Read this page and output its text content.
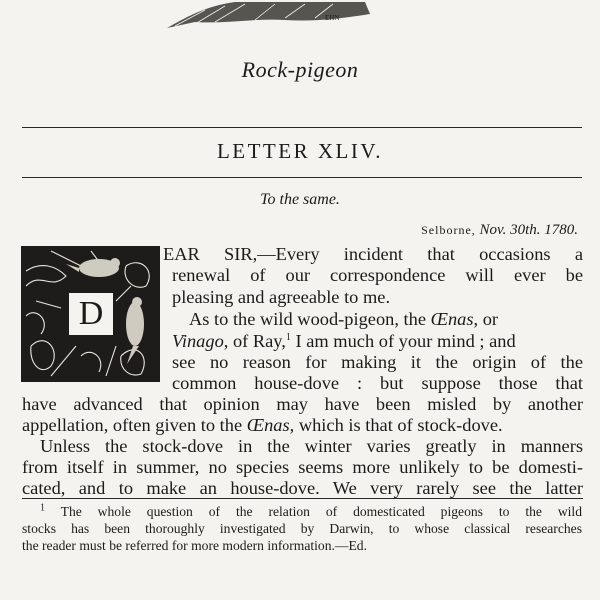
EHN
Rock-pigeon
LETTER XLIV.
To the same.
Selborne, Nov. 30th. 1780.
D
EAR SIR,—Every incident that occasions a
renewal of our correspondence will ever be
pleasing and agreeable to me.
As to the wild wood-pigeon, the Œnas, or
Vinago, of Ray,$^1$ I am much of your mind ; and
see no reason for making it the origin of the
common house-dove : but suppose those that
have advanced that opinion may have been misled by another
appellation, often given to the Œnas, which is that of stock-dove.
Unless the stock-dove in the winter varies greatly in manners
from itself in summer, no species seems more unlikely to be domesti-
cated, and to make an house-dove. We very rarely see the latter
$^1$ The whole question of the relation of domesticated pigeons to the wild
stocks has been thoroughly investigated by Darwin, to whose classical researches
the reader must be referred for more modern information.—Ed.
